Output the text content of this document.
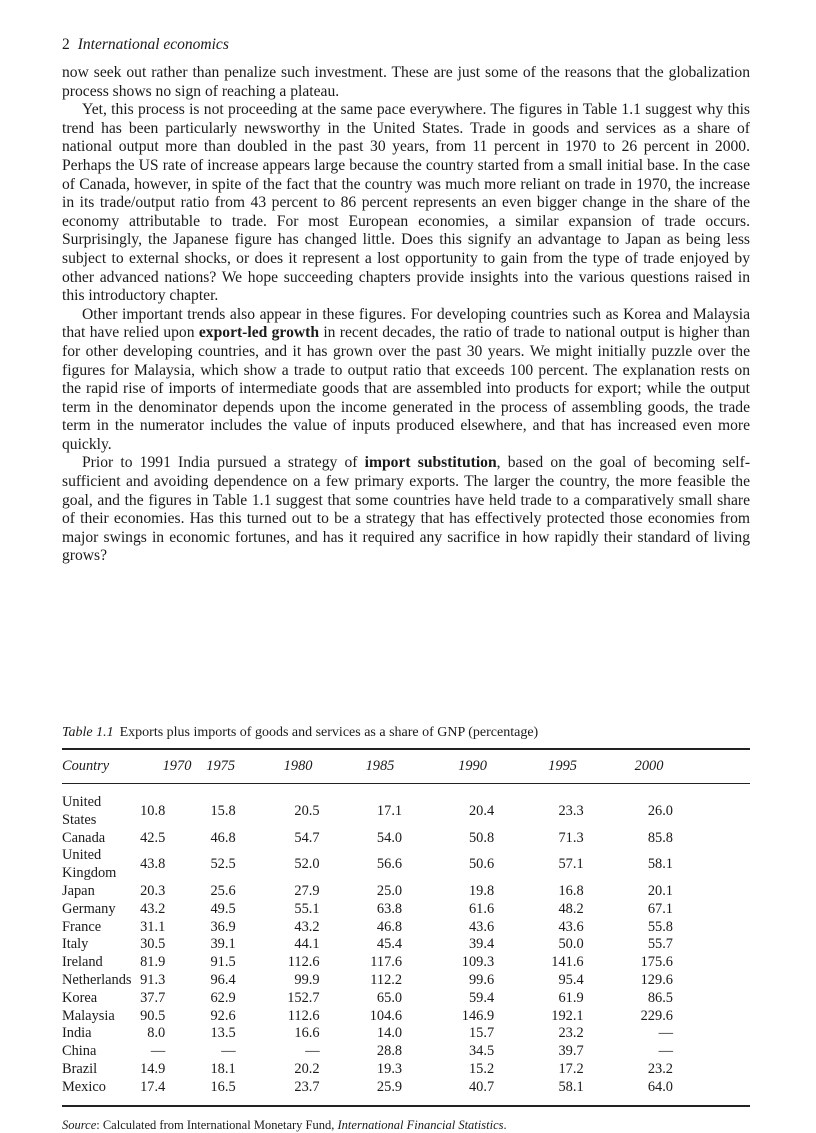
2 International economics

now seek out rather than penalize such investment. These are just some of the reasons that the globalization process shows no sign of reaching a plateau.

Yet, this process is not proceeding at the same pace everywhere. The figures in Table 1.1 suggest why this trend has been particularly newsworthy in the United States. Trade in goods and services as a share of national output more than doubled in the past 30 years, from 11 percent in 1970 to 26 percent in 2000. Perhaps the US rate of increase appears large because the country started from a small initial base. In the case of Canada, however, in spite of the fact that the country was much more reliant on trade in 1970, the increase in its trade/output ratio from 43 percent to 86 percent represents an even bigger change in the share of the economy attributable to trade. For most European economies, a similar expansion of trade occurs. Surprisingly, the Japanese figure has changed little. Does this signify an advantage to Japan as being less subject to external shocks, or does it represent a lost opportunity to gain from the type of trade enjoyed by other advanced nations? We hope succeeding chapters provide insights into the various questions raised in this introductory chapter.

Other important trends also appear in these figures. For developing countries such as Korea and Malaysia that have relied upon export-led growth in recent decades, the ratio of trade to national output is higher than for other developing countries, and it has grown over the past 30 years. We might initially puzzle over the figures for Malaysia, which show a trade to output ratio that exceeds 100 percent. The explanation rests on the rapid rise of imports of intermediate goods that are assembled into products for export; while the output term in the denominator depends upon the income generated in the process of assembling goods, the trade term in the numerator includes the value of inputs produced elsewhere, and that has increased even more quickly.

Prior to 1991 India pursued a strategy of import substitution, based on the goal of becoming self-sufficient and avoiding dependence on a few primary exports. The larger the country, the more feasible the goal, and the figures in Table 1.1 suggest that some countries have held trade to a comparatively small share of their economies. Has this turned out to be a strategy that has effectively protected those economies from major swings in economic fortunes, and has it required any sacrifice in how rapidly their standard of living grows?

Table 1.1 Exports plus imports of goods and services as a share of GNP (percentage)
Country	1970	1975	1980	1985	1990	1995	2000
United States	10.8	15.8	20.5	17.1	20.4	23.3	26.0
Canada	42.5	46.8	54.7	54.0	50.8	71.3	85.8
United Kingdom	43.8	52.5	52.0	56.6	50.6	57.1	58.1
Japan	20.3	25.6	27.9	25.0	19.8	16.8	20.1
Germany	43.2	49.5	55.1	63.8	61.6	48.2	67.1
France	31.1	36.9	43.2	46.8	43.6	43.6	55.8
Italy	30.5	39.1	44.1	45.4	39.4	50.0	55.7
Ireland	81.9	91.5	112.6	117.6	109.3	141.6	175.6
Netherlands	91.3	96.4	99.9	112.2	99.6	95.4	129.6
Korea	37.7	62.9	152.7	65.0	59.4	61.9	86.5
Malaysia	90.5	92.6	112.6	104.6	146.9	192.1	229.6
India	8.0	13.5	16.6	14.0	15.7	23.2	—
China	—	—	—	28.8	34.5	39.7	—
Brazil	14.9	18.1	20.2	19.3	15.2	17.2	23.2
Mexico	17.4	16.5	23.7	25.9	40.7	58.1	64.0
Source: Calculated from International Monetary Fund, International Financial Statistics.
